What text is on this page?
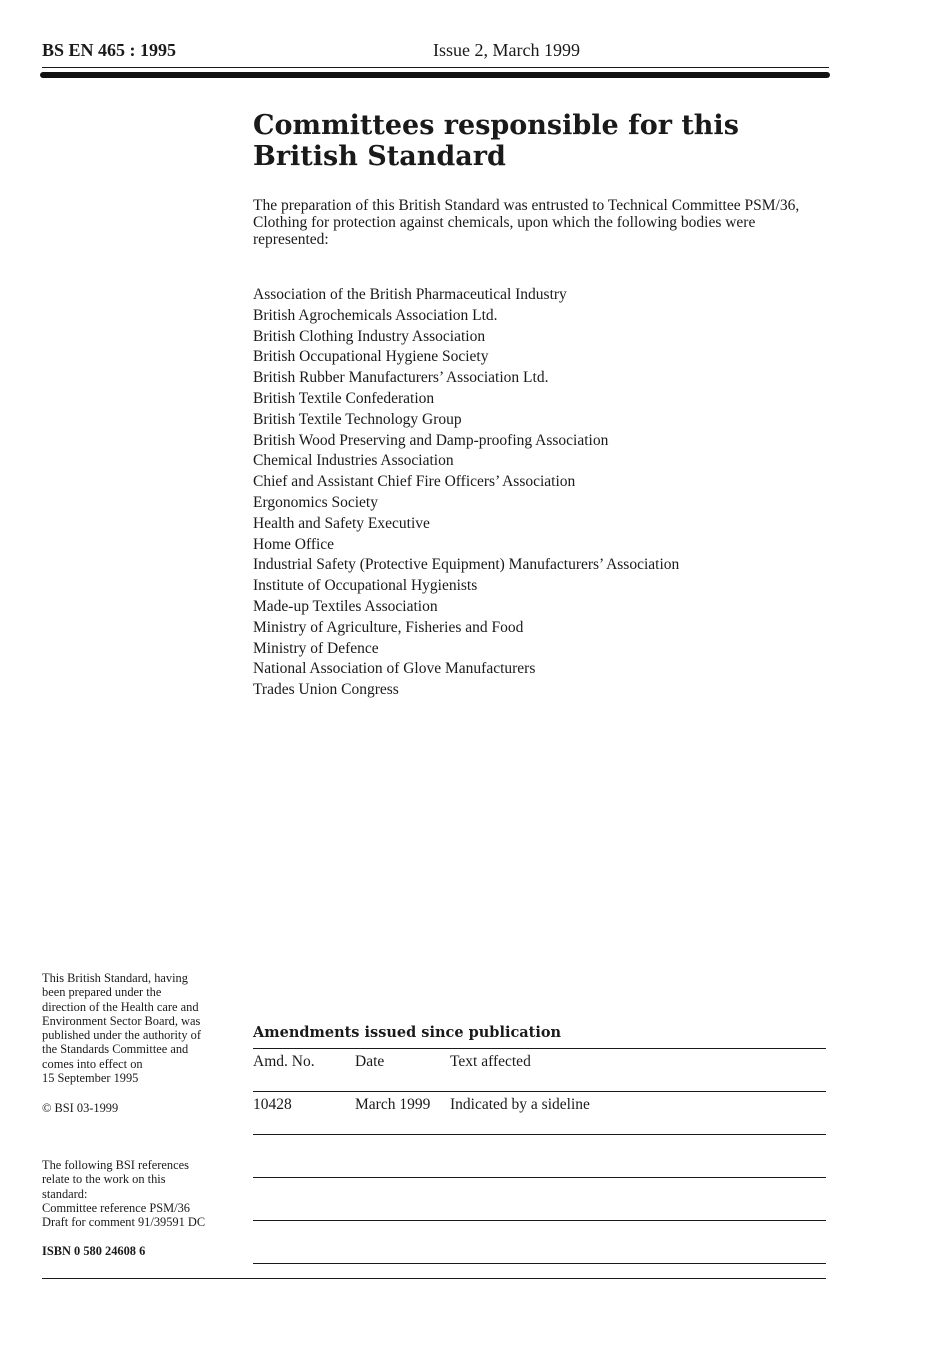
BS EN 465 : 1995	Issue 2, March 1999
Committees responsible for this
British Standard

The preparation of this British Standard was entrusted to Technical Committee PSM/36, Clothing for protection against chemicals, upon which the following bodies were represented:

Association of the British Pharmaceutical Industry
British Agrochemicals Association Ltd.
British Clothing Industry Association
British Occupational Hygiene Society
British Rubber Manufacturers’ Association Ltd.
British Textile Confederation
British Textile Technology Group
British Wood Preserving and Damp-proofing Association
Chemical Industries Association
Chief and Assistant Chief Fire Officers’ Association
Ergonomics Society
Health and Safety Executive
Home Office
Industrial Safety (Protective Equipment) Manufacturers’ Association
Institute of Occupational Hygienists
Made-up Textiles Association
Ministry of Agriculture, Fisheries and Food
Ministry of Defence
National Association of Glove Manufacturers
Trades Union Congress
This British Standard, having
been prepared under the
direction of the Health care and
Environment Sector Board, was
published under the authority of
the Standards Committee and
comes into effect on
15 September 1995
© BSI 03-1999
The following BSI references
relate to the work on this
standard:
Committee reference PSM/36
Draft for comment 91/39591 DC
ISBN 0 580 24608 6
Amendments issued since publication
Amd. No.	Date	Text affected
10428	March 1999 Indicated by a sideline
